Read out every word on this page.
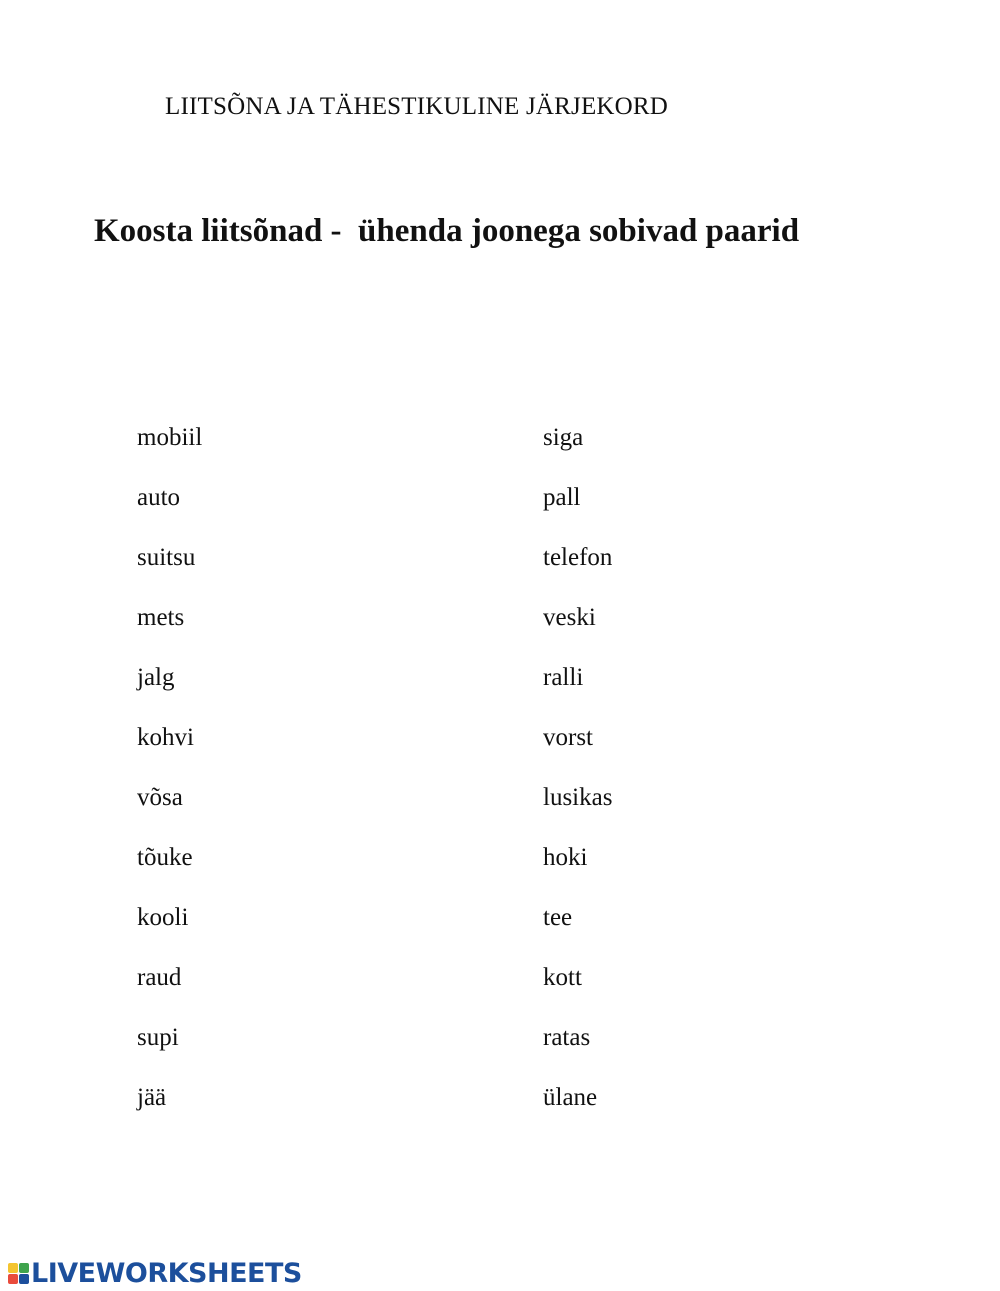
LIITSÕNA JA TÄHESTIKULINE JÄRJEKORD
Koosta liitsõnad -  ühenda joonega sobivad paarid
mobiil
auto
suitsu
mets
jalg
kohvi
võsa
tõuke
kooli
raud
supi
jää
siga
pall
telefon
veski
ralli
vorst
lusikas
hoki
tee
kott
ratas
ülane
LIVEWORKSHEETS
